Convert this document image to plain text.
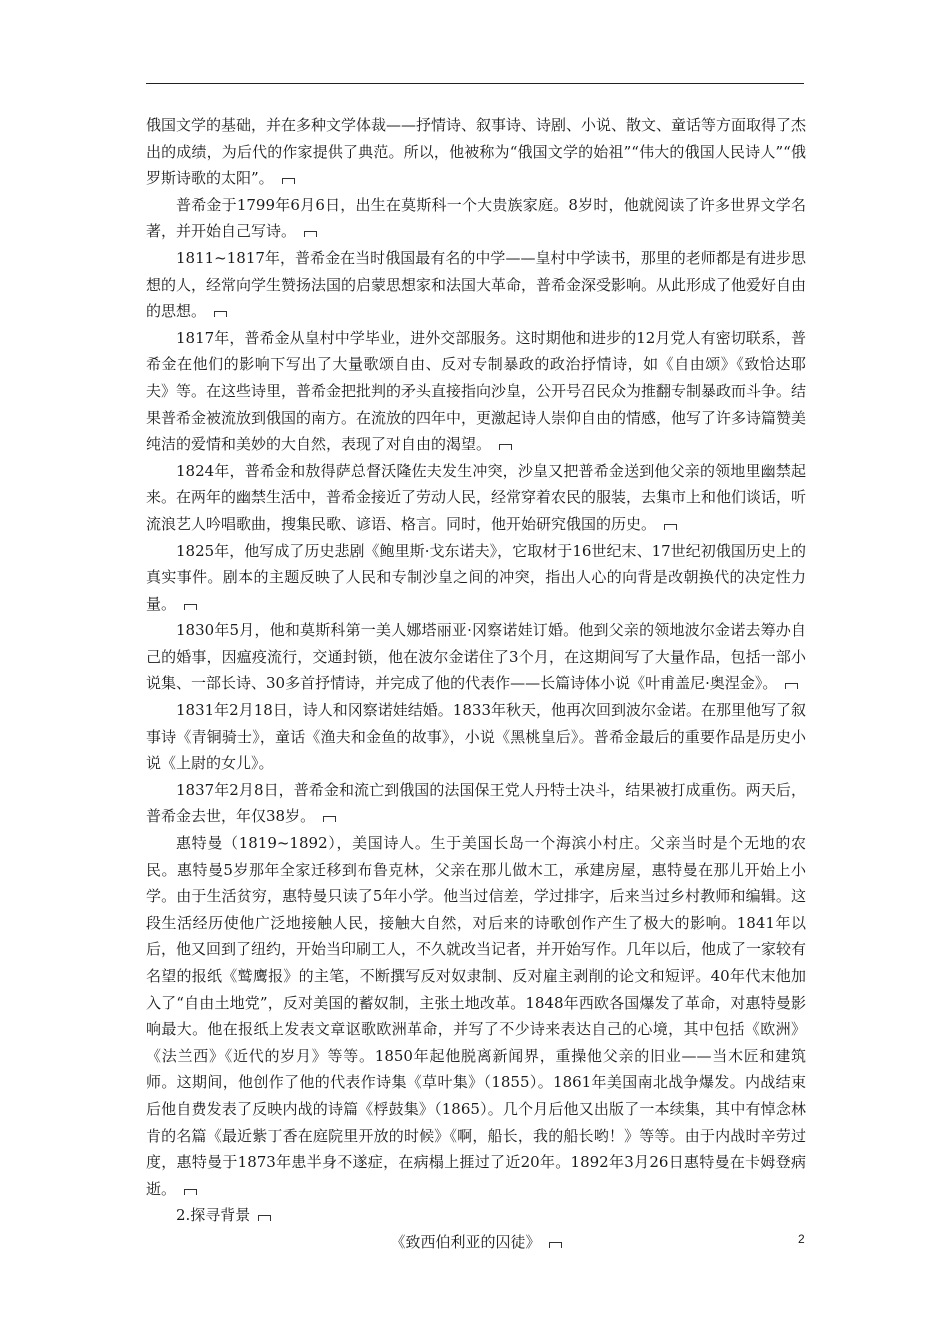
俄国文学的基础，并在多种文学体裁——抒情诗、叙事诗、诗剧、小说、散文、童话等方面取得了杰出的成绩，为后代的作家提供了典范。所以，他被称为“俄国文学的始祖”“伟大的俄国人民诗人”“俄罗斯诗歌的太阳”。

普希金于1799年6月6日，出生在莫斯科一个大贵族家庭。8岁时，他就阅读了许多世界文学名著，并开始自己写诗。

1811~1817年，普希金在当时俄国最有名的中学——皇村中学读书，那里的老师都是有进步思想的人，经常向学生赞扬法国的启蒙思想家和法国大革命，普希金深受影响。从此形成了他爱好自由的思想。

1817年，普希金从皇村中学毕业，进外交部服务。这时期他和进步的12月党人有密切联系，普希金在他们的影响下写出了大量歌颂自由、反对专制暴政的政治抒情诗，如《自由颂》《致恰达耶夫》等。在这些诗里，普希金把批判的矛头直接指向沙皇，公开号召民众为推翻专制暴政而斗争。结果普希金被流放到俄国的南方。在流放的四年中，更激起诗人崇仰自由的情感，他写了许多诗篇赞美纯洁的爱情和美妙的大自然，表现了对自由的渴望。

1824年，普希金和敖得萨总督沃隆佐夫发生冲突，沙皇又把普希金送到他父亲的领地里幽禁起来。在两年的幽禁生活中，普希金接近了劳动人民，经常穿着农民的服装，去集市上和他们谈话，听流浪艺人吟唱歌曲，搜集民歌、谚语、格言。同时，他开始研究俄国的历史。

1825年，他写成了历史悲剧《鲍里斯·戈东诺夫》，它取材于16世纪末、17世纪初俄国历史上的真实事件。剧本的主题反映了人民和专制沙皇之间的冲突，指出人心的向背是改朝换代的决定性力量。

1830年5月，他和莫斯科第一美人娜塔丽亚·冈察诺娃订婚。他到父亲的领地波尔金诺去筹办自己的婚事，因瘟疫流行，交通封锁，他在波尔金诺住了3个月，在这期间写了大量作品，包括一部小说集、一部长诗、30多首抒情诗，并完成了他的代表作——长篇诗体小说《叶甫盖尼·奥涅金》。

1831年2月18日，诗人和冈察诺娃结婚。1833年秋天，他再次回到波尔金诺。在那里他写了叙事诗《青铜骑士》，童话《渔夫和金鱼的故事》，小说《黑桃皇后》。普希金最后的重要作品是历史小说《上尉的女儿》。

1837年2月8日，普希金和流亡到俄国的法国保王党人丹特士决斗，结果被打成重伤。两天后，普希金去世，年仅38岁。

惠特曼（1819~1892），美国诗人。生于美国长岛一个海滨小村庄。父亲当时是个无地的农民。惠特曼5岁那年全家迁移到布鲁克林，父亲在那儿做木工，承建房屋，惠特曼在那儿开始上小学。由于生活贫穷，惠特曼只读了5年小学。他当过信差，学过排字，后来当过乡村教师和编辑。这段生活经历使他广泛地接触人民，接触大自然，对后来的诗歌创作产生了极大的影响。1841年以后，他又回到了纽约，开始当印刷工人，不久就改当记者，并开始写作。几年以后，他成了一家较有名望的报纸《鹫鹰报》的主笔，不断撰写反对奴隶制、反对雇主剥削的论文和短评。40年代末他加入了“自由土地党”，反对美国的蓄奴制，主张土地改革。1848年西欧各国爆发了革命，对惠特曼影响最大。他在报纸上发表文章讴歌欧洲革命，并写了不少诗来表达自己的心境，其中包括《欧洲》《法兰西》《近代的岁月》等等。1850年起他脱离新闻界，重操他父亲的旧业——当木匠和建筑师。这期间，他创作了他的代表作诗集《草叶集》（1855）。1861年美国南北战争爆发。内战结束后他自费发表了反映内战的诗篇《桴鼓集》（1865）。几个月后他又出版了一本续集，其中有悼念林肯的名篇《最近紫丁香在庭院里开放的时候》《啊，船长，我的船长哟！》等等。由于内战时辛劳过度，惠特曼于1873年患半身不遂症，在病榻上捱过了近20年。1892年3月26日惠特曼在卡姆登病逝。

2.探寻背景

《致西伯利亚的囚徒》	2
